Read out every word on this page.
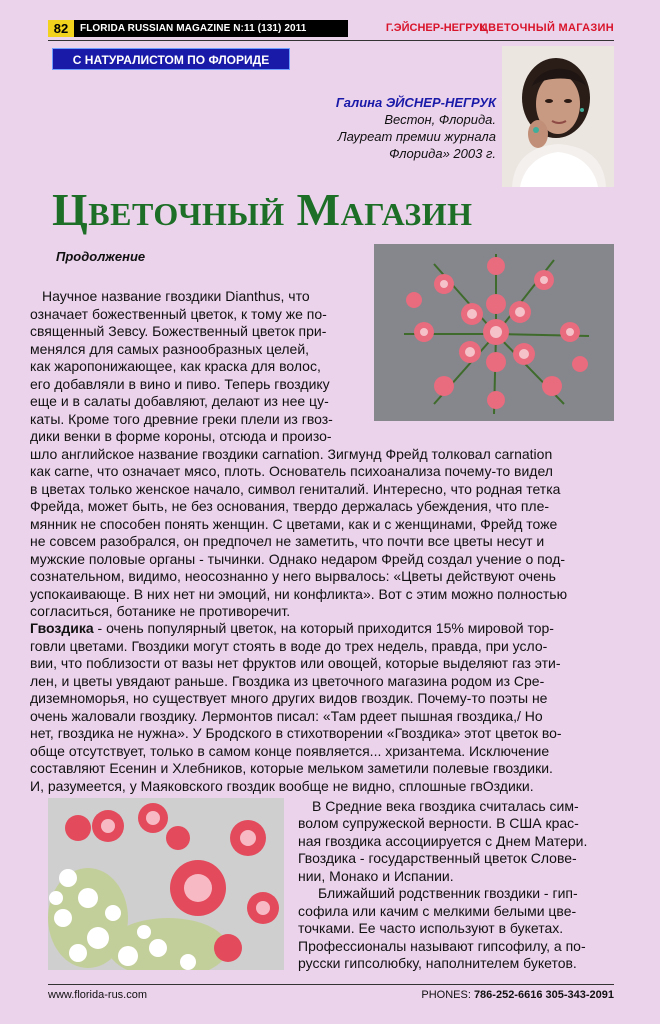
82	FLORIDA RUSSIAN MAGAZINE N:11 (131) 2011	Г.ЭЙСНЕР-НЕГРУК
ЦВЕТОЧНЫЙ МАГАЗИН
С НАТУРАЛИСТОМ ПО ФЛОРИДЕ
Галина ЭЙСНЕР-НЕГРУК
Вестон, Флорида.
Лауреат премии журнала
Флорида» 2003 г.
Цветочный Магазин
Продолжение
Научное название гвоздики Dianthus, что
означает божественный цветок, к тому же по-
священный Зевсу. Божественный цветок при-
менялся для самых разнообразных целей,
как жаропонижающее, как краска для волос,
его добавляли в вино и пиво. Теперь гвоздику
еще и в салаты добавляют, делают из нее цу-
каты. Кроме того древние греки плели из гвоз-
дики венки в форме короны, отсюда и произо-
шло английское название гвоздики carnation. Зигмунд Фрейд толковал carnation
как carne, что означает мясо, плоть. Основатель психоанализа почему-то видел
в цветах только женское начало, символ гениталий. Интересно, что родная тетка
Фрейда, может быть, не без основания, твердо держалась убеждения, что пле-
мянник не способен понять женщин. С цветами, как и с женщинами, Фрейд тоже
не совсем разобрался, он предпочел не заметить, что почти все цветы несут и
мужские половые органы - тычинки. Однако недаром Фрейд создал учение о под-
сознательном, видимо, неосознанно у него вырвалось: «Цветы действуют очень
успокаивающе. В них нет ни эмоций, ни конфликта». Вот с этим можно полностью
согласиться, ботанике не противоречит.
Гвоздика - очень популярный цветок, на который приходится 15% мировой тор-
говли цветами. Гвоздики могут стоять в воде до трех недель, правда, при усло-
вии, что поблизости от вазы нет фруктов или овощей, которые выделяют газ эти-
лен, и цветы увядают раньше. Гвоздика из цветочного магазина родом из Сре-
диземноморья, но существует много других видов гвоздик. Почему-то поэты не
очень жаловали гвоздику. Лермонтов писал: «Там рдеет пышная гвоздика,/ Но
нет, гвоздика не нужна». У Бродского в стихотворении «Гвоздика» этот цветок во-
обще отсутствует, только в самом конце появляется... хризантема. Исключение
составляют Есенин и Хлебников, которые мельком заметили полевые гвоздики.
И, разумеется, у Маяковского гвоздик вообще не видно, сплошные гвОздики.
В Средние века гвоздика считалась сим-
волом супружеской верности. В США крас-
ная гвоздика ассоциируется с Днем Матери.
Гвоздика - государственный цветок Слове-
нии, Монако и Испании.
Ближайший родственник гвоздики - гип-
софила или качим с мелкими белыми цве-
точками. Ее часто используют в букетах.
Профессионалы называют гипсофилу, а по-
русски гипсолюбку, наполнителем букетов.
www.florida-rus.com	PHONES: 786-252-6616 305-343-2091
